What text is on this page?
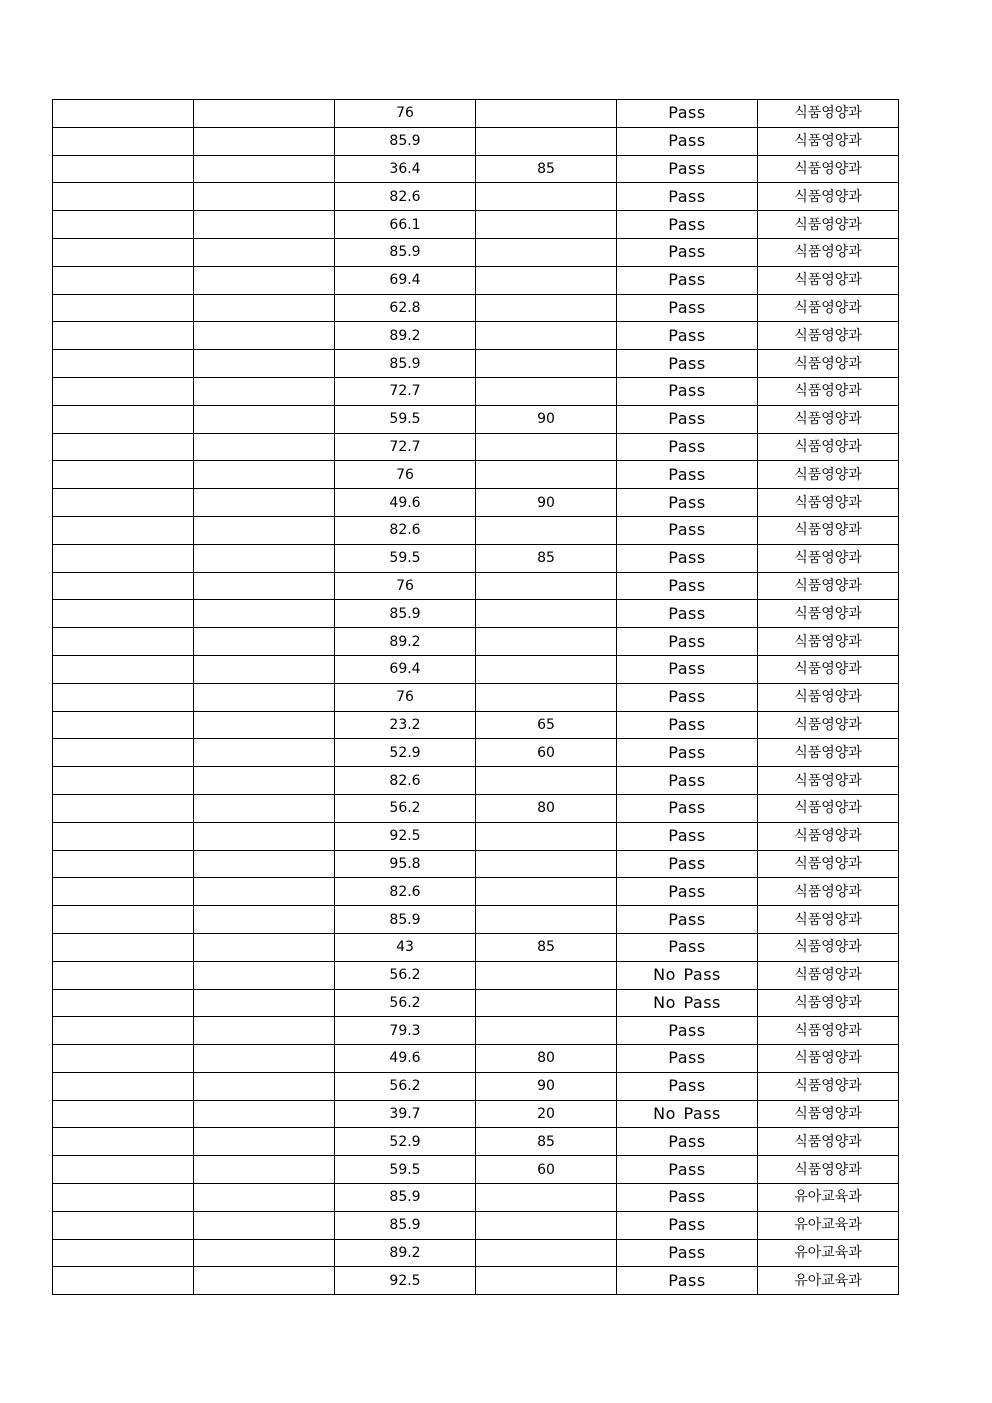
		76		Pass	식품영양과
		85.9		Pass	식품영양과
		36.4	85	Pass	식품영양과
		82.6		Pass	식품영양과
		66.1		Pass	식품영양과
		85.9		Pass	식품영양과
		69.4		Pass	식품영양과
		62.8		Pass	식품영양과
		89.2		Pass	식품영양과
		85.9		Pass	식품영양과
		72.7		Pass	식품영양과
		59.5	90	Pass	식품영양과
		72.7		Pass	식품영양과
		76		Pass	식품영양과
		49.6	90	Pass	식품영양과
		82.6		Pass	식품영양과
		59.5	85	Pass	식품영양과
		76		Pass	식품영양과
		85.9		Pass	식품영양과
		89.2		Pass	식품영양과
		69.4		Pass	식품영양과
		76		Pass	식품영양과
		23.2	65	Pass	식품영양과
		52.9	60	Pass	식품영양과
		82.6		Pass	식품영양과
		56.2	80	Pass	식품영양과
		92.5		Pass	식품영양과
		95.8		Pass	식품영양과
		82.6		Pass	식품영양과
		85.9		Pass	식품영양과
		43	85	Pass	식품영양과
		56.2		No Pass	식품영양과
		56.2		No Pass	식품영양과
		79.3		Pass	식품영양과
		49.6	80	Pass	식품영양과
		56.2	90	Pass	식품영양과
		39.7	20	No Pass	식품영양과
		52.9	85	Pass	식품영양과
		59.5	60	Pass	식품영양과
		85.9		Pass	유아교육과
		85.9		Pass	유아교육과
		89.2		Pass	유아교육과
		92.5		Pass	유아교육과
